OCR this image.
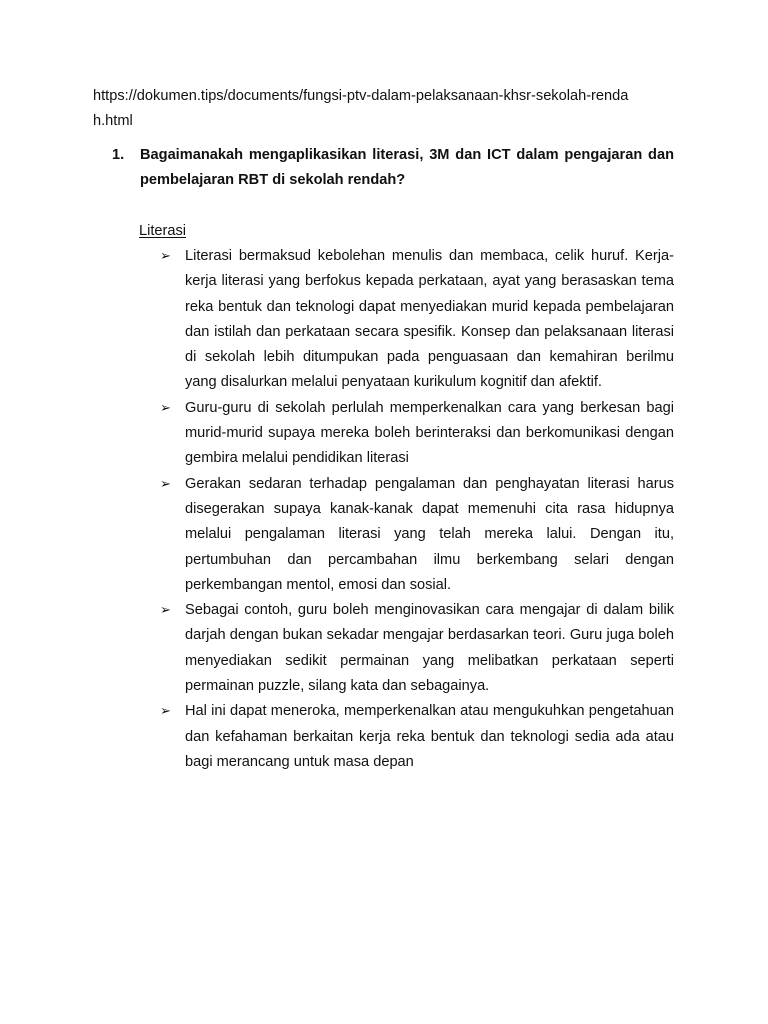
https://dokumen.tips/documents/fungsi-ptv-dalam-pelaksanaan-khsr-sekolah-rendah.html

1.	Bagaimanakah mengaplikasikan literasi, 3M dan ICT dalam pengajaran dan pembelajaran RBT di sekolah rendah?

Literasi

➢ Literasi bermaksud kebolehan menulis dan membaca, celik huruf. Kerja-kerja literasi yang berfokus kepada perkataan, ayat yang berasaskan tema reka bentuk dan teknologi dapat menyediakan murid kepada pembelajaran dan istilah dan perkataan secara spesifik. Konsep dan pelaksanaan literasi di sekolah lebih ditumpukan pada penguasaan dan kemahiran berilmu yang disalurkan melalui penyataan kurikulum kognitif dan afektif.
➢ Guru-guru di sekolah perlulah memperkenalkan cara yang berkesan bagi murid-murid supaya mereka boleh berinteraksi dan berkomunikasi dengan gembira melalui pendidikan literasi
➢ Gerakan sedaran terhadap pengalaman dan penghayatan literasi harus disegerakan supaya kanak-kanak dapat memenuhi cita rasa hidupnya melalui pengalaman literasi yang telah mereka lalui. Dengan itu, pertumbuhan dan percambahan ilmu berkembang selari dengan perkembangan mentol, emosi dan sosial.
➢ Sebagai contoh, guru boleh menginovasikan cara mengajar di dalam bilik darjah dengan bukan sekadar mengajar berdasarkan teori. Guru juga boleh menyediakan sedikit permainan yang melibatkan perkataan seperti permainan puzzle, silang kata dan sebagainya.
➢ Hal ini dapat meneroka, memperkenalkan atau mengukuhkan pengetahuan dan kefahaman berkaitan kerja reka bentuk dan teknologi sedia ada atau bagi merancang untuk masa depan
